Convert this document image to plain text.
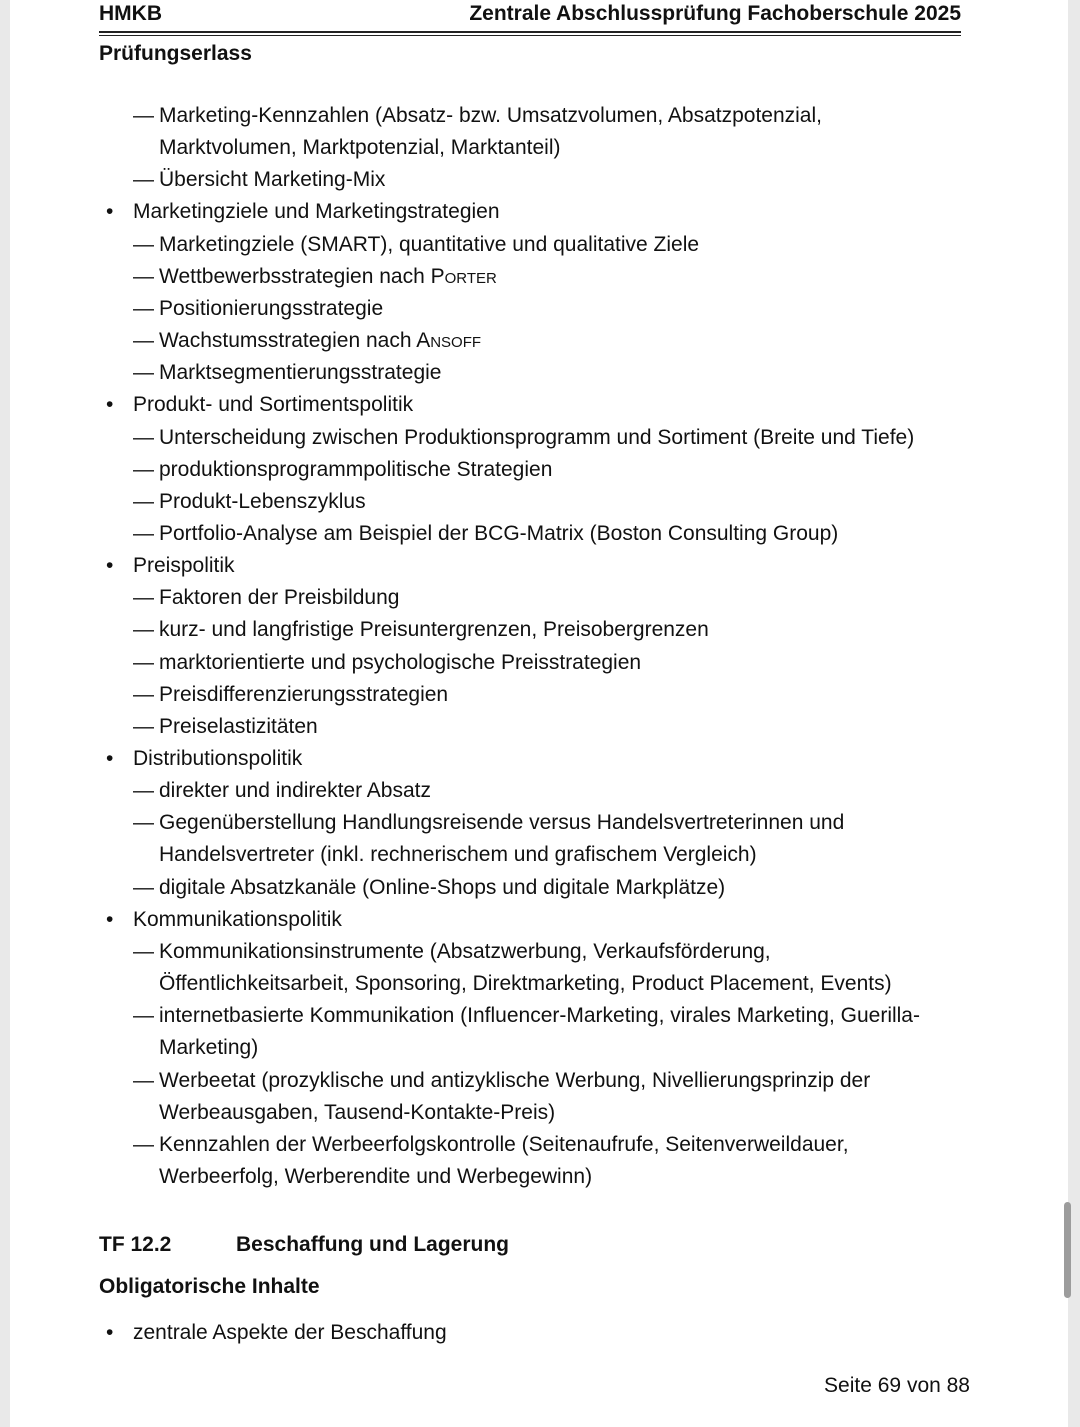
HMKB	Zentrale Abschlussprüfung Fachoberschule 2025
Prüfungserlass
— Marketing-Kennzahlen (Absatz- bzw. Umsatzvolumen, Absatzpotenzial,
Marktvolumen, Marktpotenzial, Marktanteil)
— Übersicht Marketing-Mix
• Marketingziele und Marketingstrategien
— Marketingziele (SMART), quantitative und qualitative Ziele
— Wettbewerbsstrategien nach PORTER
— Positionierungsstrategie
— Wachstumsstrategien nach ANSOFF
— Marktsegmentierungsstrategie
• Produkt- und Sortimentspolitik
— Unterscheidung zwischen Produktionsprogramm und Sortiment (Breite und Tiefe)
— produktionsprogrammpolitische Strategien
— Produkt-Lebenszyklus
— Portfolio-Analyse am Beispiel der BCG-Matrix (Boston Consulting Group)
• Preispolitik
— Faktoren der Preisbildung
— kurz- und langfristige Preisuntergrenzen, Preisobergrenzen
— marktorientierte und psychologische Preisstrategien
— Preisdifferenzierungsstrategien
— Preiselastizitäten
• Distributionspolitik
— direkter und indirekter Absatz
— Gegenüberstellung Handlungsreisende versus Handelsvertreterinnen und
Handelsvertreter (inkl. rechnerischem und grafischem Vergleich)
— digitale Absatzkanäle (Online-Shops und digitale Markplätze)
• Kommunikationspolitik
— Kommunikationsinstrumente (Absatzwerbung, Verkaufsförderung,
Öffentlichkeitsarbeit, Sponsoring, Direktmarketing, Product Placement, Events)
— internetbasierte Kommunikation (Influencer-Marketing, virales Marketing, Guerilla-
Marketing)
— Werbeetat (prozyklische und antizyklische Werbung, Nivellierungsprinzip der
Werbeausgaben, Tausend-Kontakte-Preis)
— Kennzahlen der Werbeerfolgskontrolle (Seitenaufrufe, Seitenverweildauer,
Werbeerfolg, Werberendite und Werbegewinn)
TF 12.2	Beschaffung und Lagerung
Obligatorische Inhalte
• zentrale Aspekte der Beschaffung
Seite 69 von 88
